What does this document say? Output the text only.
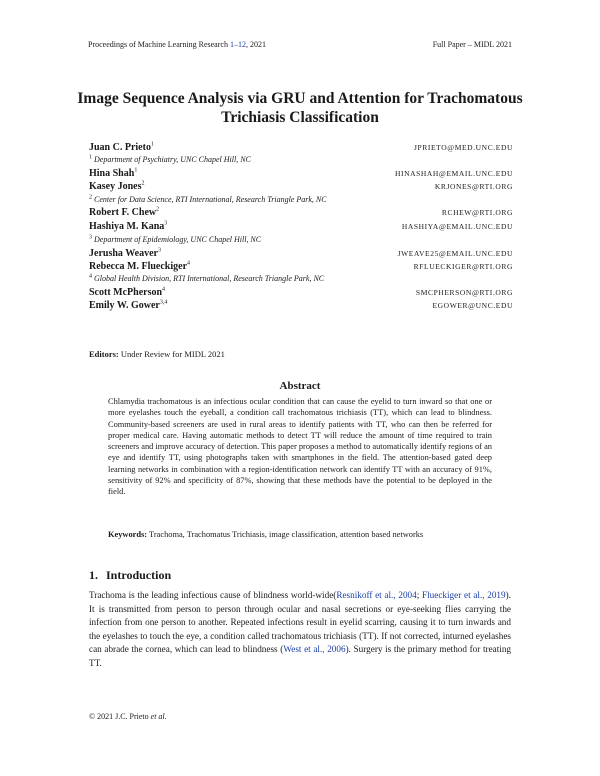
Proceedings of Machine Learning Research 1–12, 2021	Full Paper – MIDL 2021
Image Sequence Analysis via GRU and Attention for Trachomatous Trichiasis Classification
Juan C. Prieto$^1$	JPRIETO@MED.UNC.EDU
$^1$ Department of Psychiatry, UNC Chapel Hill, NC
Hina Shah$^1$	HINASHAH@EMAIL.UNC.EDU
Kasey Jones$^2$	KRJONES@RTI.ORG
$^2$ Center for Data Science, RTI International, Research Triangle Park, NC
Robert F. Chew$^2$	RCHEW@RTI.ORG
Hashiya M. Kana$^3$	HASHIYA@EMAIL.UNC.EDU
$^3$ Department of Epidemiology, UNC Chapel Hill, NC
Jerusha Weaver$^3$	JWEAVE25@EMAIL.UNC.EDU
Rebecca M. Flueckiger$^4$	RFLUECKIGER@RTI.ORG
$^4$ Global Health Division, RTI International, Research Triangle Park, NC
Scott McPherson$^4$	SMCPHERSON@RTI.ORG
Emily W. Gower$^{3,4}$	EGOWER@UNC.EDU
Editors: Under Review for MIDL 2021
Abstract
Chlamydia trachomatous is an infectious ocular condition that can cause the eyelid to turn inward so that one or more eyelashes touch the eyeball, a condition call trachomatous trichiasis (TT), which can lead to blindness. Community-based screeners are used in rural areas to identify patients with TT, who can then be referred for proper medical care. Having automatic methods to detect TT will reduce the amount of time required to train screeners and improve accuracy of detection. This paper proposes a method to automatically identify regions of an eye and identify TT, using photographs taken with smartphones in the field. The attention-based gated deep learning networks in combination with a region-identification network can identify TT with an accuracy of 91%, sensitivity of 92% and specificity of 87%, showing that these methods have the potential to be deployed in the field.
Keywords: Trachoma, Trachomatus Trichiasis, image classification, attention based networks
1. Introduction
Trachoma is the leading infectious cause of blindness world-wide(Resnikoff et al., 2004; Flueckiger et al., 2019). It is transmitted from person to person through ocular and nasal secretions or eye-seeking flies carrying the infection from one person to another. Repeated infections result in eyelid scarring, causing it to turn inwards and the eyelashes to touch the eye, a condition called trachomatous trichiasis (TT). If not corrected, inturned eyelashes can abrade the cornea, which can lead to blindness (West et al., 2006). Surgery is the primary method for treating TT.
© 2021 J.C. Prieto et al.
